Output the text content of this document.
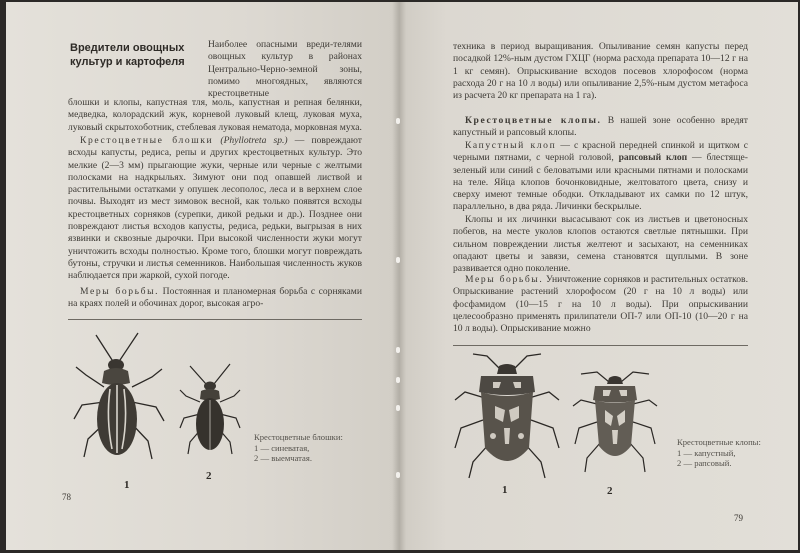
Вредители овощных культур и картофеля
Наиболее опасными вреди-телями овощных культур в районах Центрально-Черно-земной зоны, помимо многоядных, являются крестоцветные

блошки и клопы, капустная тля, моль, капустная и репная белянки, медведка, колорадский жук, корневой луковый клещ, луковая муха, луковый скрытохоботник, стеблевая луковая нематода, морковная муха.

Крестоцветные блошки (Phyllotreta sp.) — повреждают всходы капусты, редиса, репы и других крестоцветных культур. Это мелкие (2—3 мм) прыгающие жуки, черные или черные с желтыми полосками на надкрыльях. Зимуют они под опавшей листвой и растительными остатками у опушек лесополос, леса и в верхнем слое почвы. Выходят из мест зимовок весной, как только появятся всходы крестоцветных сорняков (сурепки, дикой редьки и др.). Позднее они повреждают листья всходов капусты, редиса, редьки, выгрызая в них язвинки и сквозные дырочки. При высокой численности жуки могут уничтожить всходы полностью. Кроме того, блошки могут повреждать бутоны, стручки и листья семенников. Наибольшая численность жуков наблюдается при жаркой, сухой погоде.

Меры борьбы. Постоянная и планомерная борьба с сорняками на краях полей и обочинах дорог, высокая агро-

1
2
Крестоцветные блошки:
1 — синеватая,
2 — выемчатая.
78

техника в период выращивания. Опыливание семян капусты перед посадкой 12%-ным дустом ГХЦГ (норма расхода препарата 10—12 г на 1 кг семян). Опрыскивание всходов посевов хлорофосом (норма расхода 20 г на 10 л воды) или опыливание 2,5%-ным дустом метафоса из расчета 20 кг препарата на 1 га).

Крестоцветные клопы. В нашей зоне особенно вредят капустный и рапсовый клопы.

Капустный клоп — с красной передней спинкой и щитком с черными пятнами, с черной головой, рапсовый клоп — блестяще-зеленый или синий с беловатыми или красными пятнами и полосками на теле. Яйца клопов бочонковидные, желтоватого цвета, снизу и сверху имеют темные ободки. Откладывают их самки по 12 штук, параллельно, в два ряда. Личинки бескрылые.

Клопы и их личинки высасывают сок из листьев и цветоносных побегов, на месте уколов клопов остаются светлые пятнышки. При сильном повреждении листья желтеют и засыхают, на семенниках опадают цветы и завязи, семена становятся щуплыми. В зоне развивается одно поколение.

Меры борьбы. Уничтожение сорняков и растительных остатков. Опрыскивание растений хлорофосом (20 г на 10 л воды) или фосфамидом (10—15 г на 10 л воды). При опрыскивании целесообразно применять прилипатели ОП-7 или ОП-10 (10—20 г на 10 л воды). Опрыскивание можно

1	2
Крестоцветные клопы:
1 — капустный,
2 — рапсовый.
79
